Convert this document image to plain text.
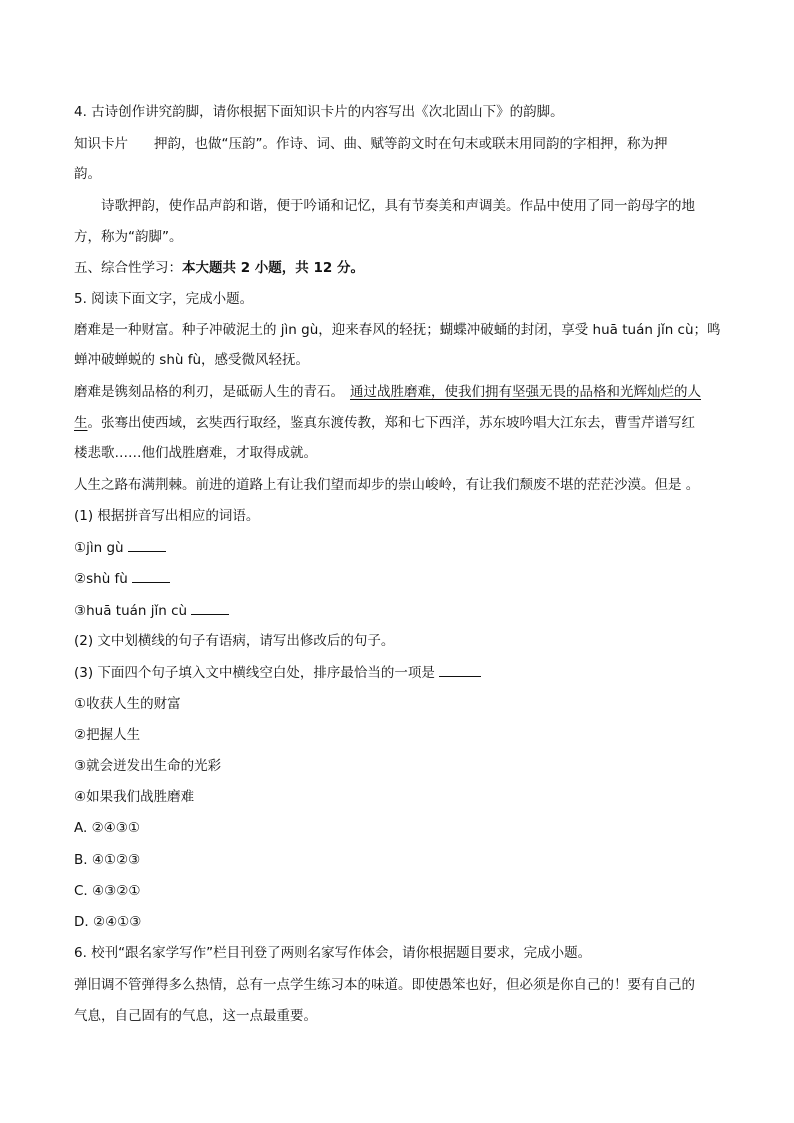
4. 古诗创作讲究韵脚，请你根据下面知识卡片的内容写出《次北固山下》的韵脚。
知识卡片 押韵，也做“压韵”。作诗、词、曲、赋等韵文时在句末或联末用同韵的字相押，称为押
韵。
诗歌押韵，使作品声韵和谐，便于吟诵和记忆，具有节奏美和声调美。作品中使用了同一韵母字的地
方，称为“韵脚”。
五、综合性学习：本大题共 2 小题，共 12 分。
5. 阅读下面文字，完成小题。
磨难是一种财富。种子冲破泥土的 jìn gù，迎来春风的轻抚；蝴蝶冲破蛹的封闭，享受 huā tuán jǐn cù；鸣
蝉冲破蝉蜕的 shù fù，感受微风轻抚。
磨难是镌刻品格的利刃，是砥砺人生的青石。 通过战胜磨难，使我们拥有坚强无畏的品格和光辉灿烂的人
生。张骞出使西域，玄奘西行取经，鉴真东渡传教，郑和七下西洋，苏东坡吟唱大江东去，曹雪芹谱写红
楼悲歌……他们战胜磨难，才取得成就。
人生之路布满荆棘。前进的道路上有让我们望而却步的崇山峻岭，有让我们颓废不堪的茫茫沙漠。但是 。
(1) 根据拼音写出相应的词语。
①jìn gù
②shù fù
③huā tuán jǐn cù
(2) 文中划横线的句子有语病，请写出修改后的句子。
(3) 下面四个句子填入文中横线空白处，排序最恰当的一项是
①收获人生的财富
②把握人生
③就会迸发出生命的光彩
④如果我们战胜磨难
A. ②④③①
B. ④①②③
C. ④③②①
D. ②④①③
6. 校刊“跟名家学写作”栏目刊登了两则名家写作体会，请你根据题目要求，完成小题。
弹旧调不管弹得多么热情，总有一点学生练习本的味道。即使愚笨也好，但必须是你自己的！要有自己的
气息，自己固有的气息，这一点最重要。
